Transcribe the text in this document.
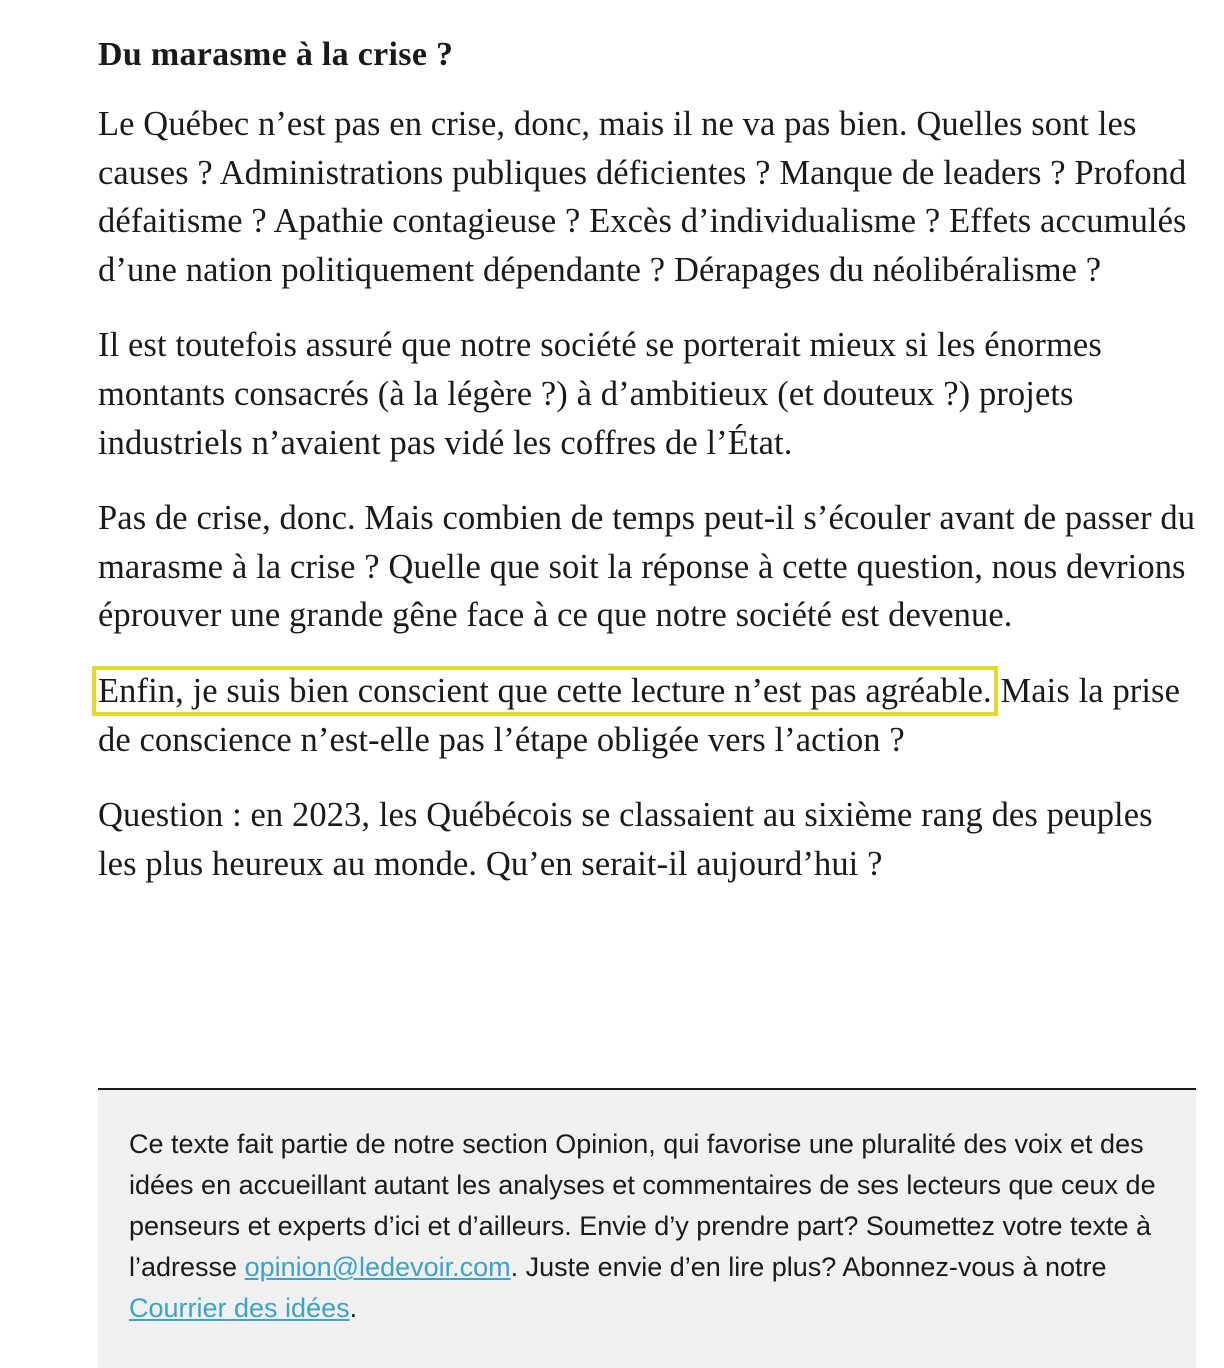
Du marasme à la crise ?

Le Québec n’est pas en crise, donc, mais il ne va pas bien. Quelles sont les causes ? Administrations publiques déficientes ? Manque de leaders ? Profond défaitisme ? Apathie contagieuse ? Excès d’individualisme ? Effets accumulés d’une nation politiquement dépendante ? Dérapages du néolibéralisme ?

Il est toutefois assuré que notre société se porterait mieux si les énormes montants consacrés (à la légère ?) à d’ambitieux (et douteux ?) projets industriels n’avaient pas vidé les coffres de l’État.

Pas de crise, donc. Mais combien de temps peut-il s’écouler avant de passer du marasme à la crise ? Quelle que soit la réponse à cette question, nous devrions éprouver une grande gêne face à ce que notre société est devenue.

Enfin, je suis bien conscient que cette lecture n’est pas agréable. Mais la prise de conscience n’est-elle pas l’étape obligée vers l’action ?

Question : en 2023, les Québécois se classaient au sixième rang des peuples les plus heureux au monde. Qu’en serait-il aujourd’hui ?

Ce texte fait partie de notre section Opinion, qui favorise une pluralité des voix et des idées en accueillant autant les analyses et commentaires de ses lecteurs que ceux de penseurs et experts d’ici et d’ailleurs. Envie d’y prendre part? Soumettez votre texte à l’adresse opinion@ledevoir.com. Juste envie d’en lire plus? Abonnez-vous à notre Courrier des idées.
